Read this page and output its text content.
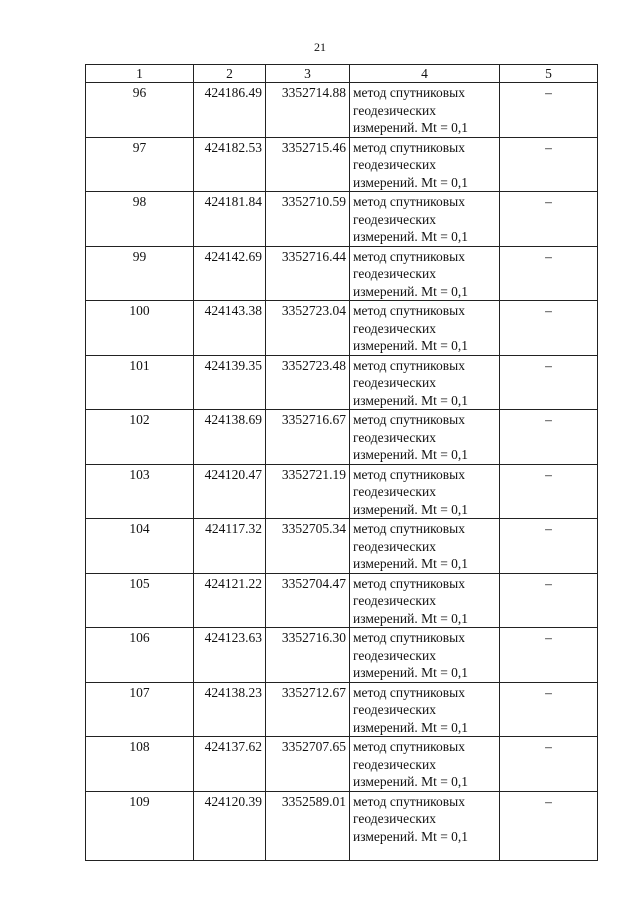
21
1	2	3	4	5
96	424186.49	3352714.88	метод спутниковых геодезических измерений. Mt = 0,1	–
97	424182.53	3352715.46	метод спутниковых геодезических измерений. Mt = 0,1	–
98	424181.84	3352710.59	метод спутниковых геодезических измерений. Mt = 0,1	–
99	424142.69	3352716.44	метод спутниковых геодезических измерений. Mt = 0,1	–
100	424143.38	3352723.04	метод спутниковых геодезических измерений. Mt = 0,1	–
101	424139.35	3352723.48	метод спутниковых геодезических измерений. Mt = 0,1	–
102	424138.69	3352716.67	метод спутниковых геодезических измерений. Mt = 0,1	–
103	424120.47	3352721.19	метод спутниковых геодезических измерений. Mt = 0,1	–
104	424117.32	3352705.34	метод спутниковых геодезических измерений. Mt = 0,1	–
105	424121.22	3352704.47	метод спутниковых геодезических измерений. Mt = 0,1	–
106	424123.63	3352716.30	метод спутниковых геодезических измерений. Mt = 0,1	–
107	424138.23	3352712.67	метод спутниковых геодезических измерений. Mt = 0,1	–
108	424137.62	3352707.65	метод спутниковых геодезических измерений. Mt = 0,1	–
109	424120.39	3352589.01	метод спутниковых геодезических измерений. Mt = 0,1	–
